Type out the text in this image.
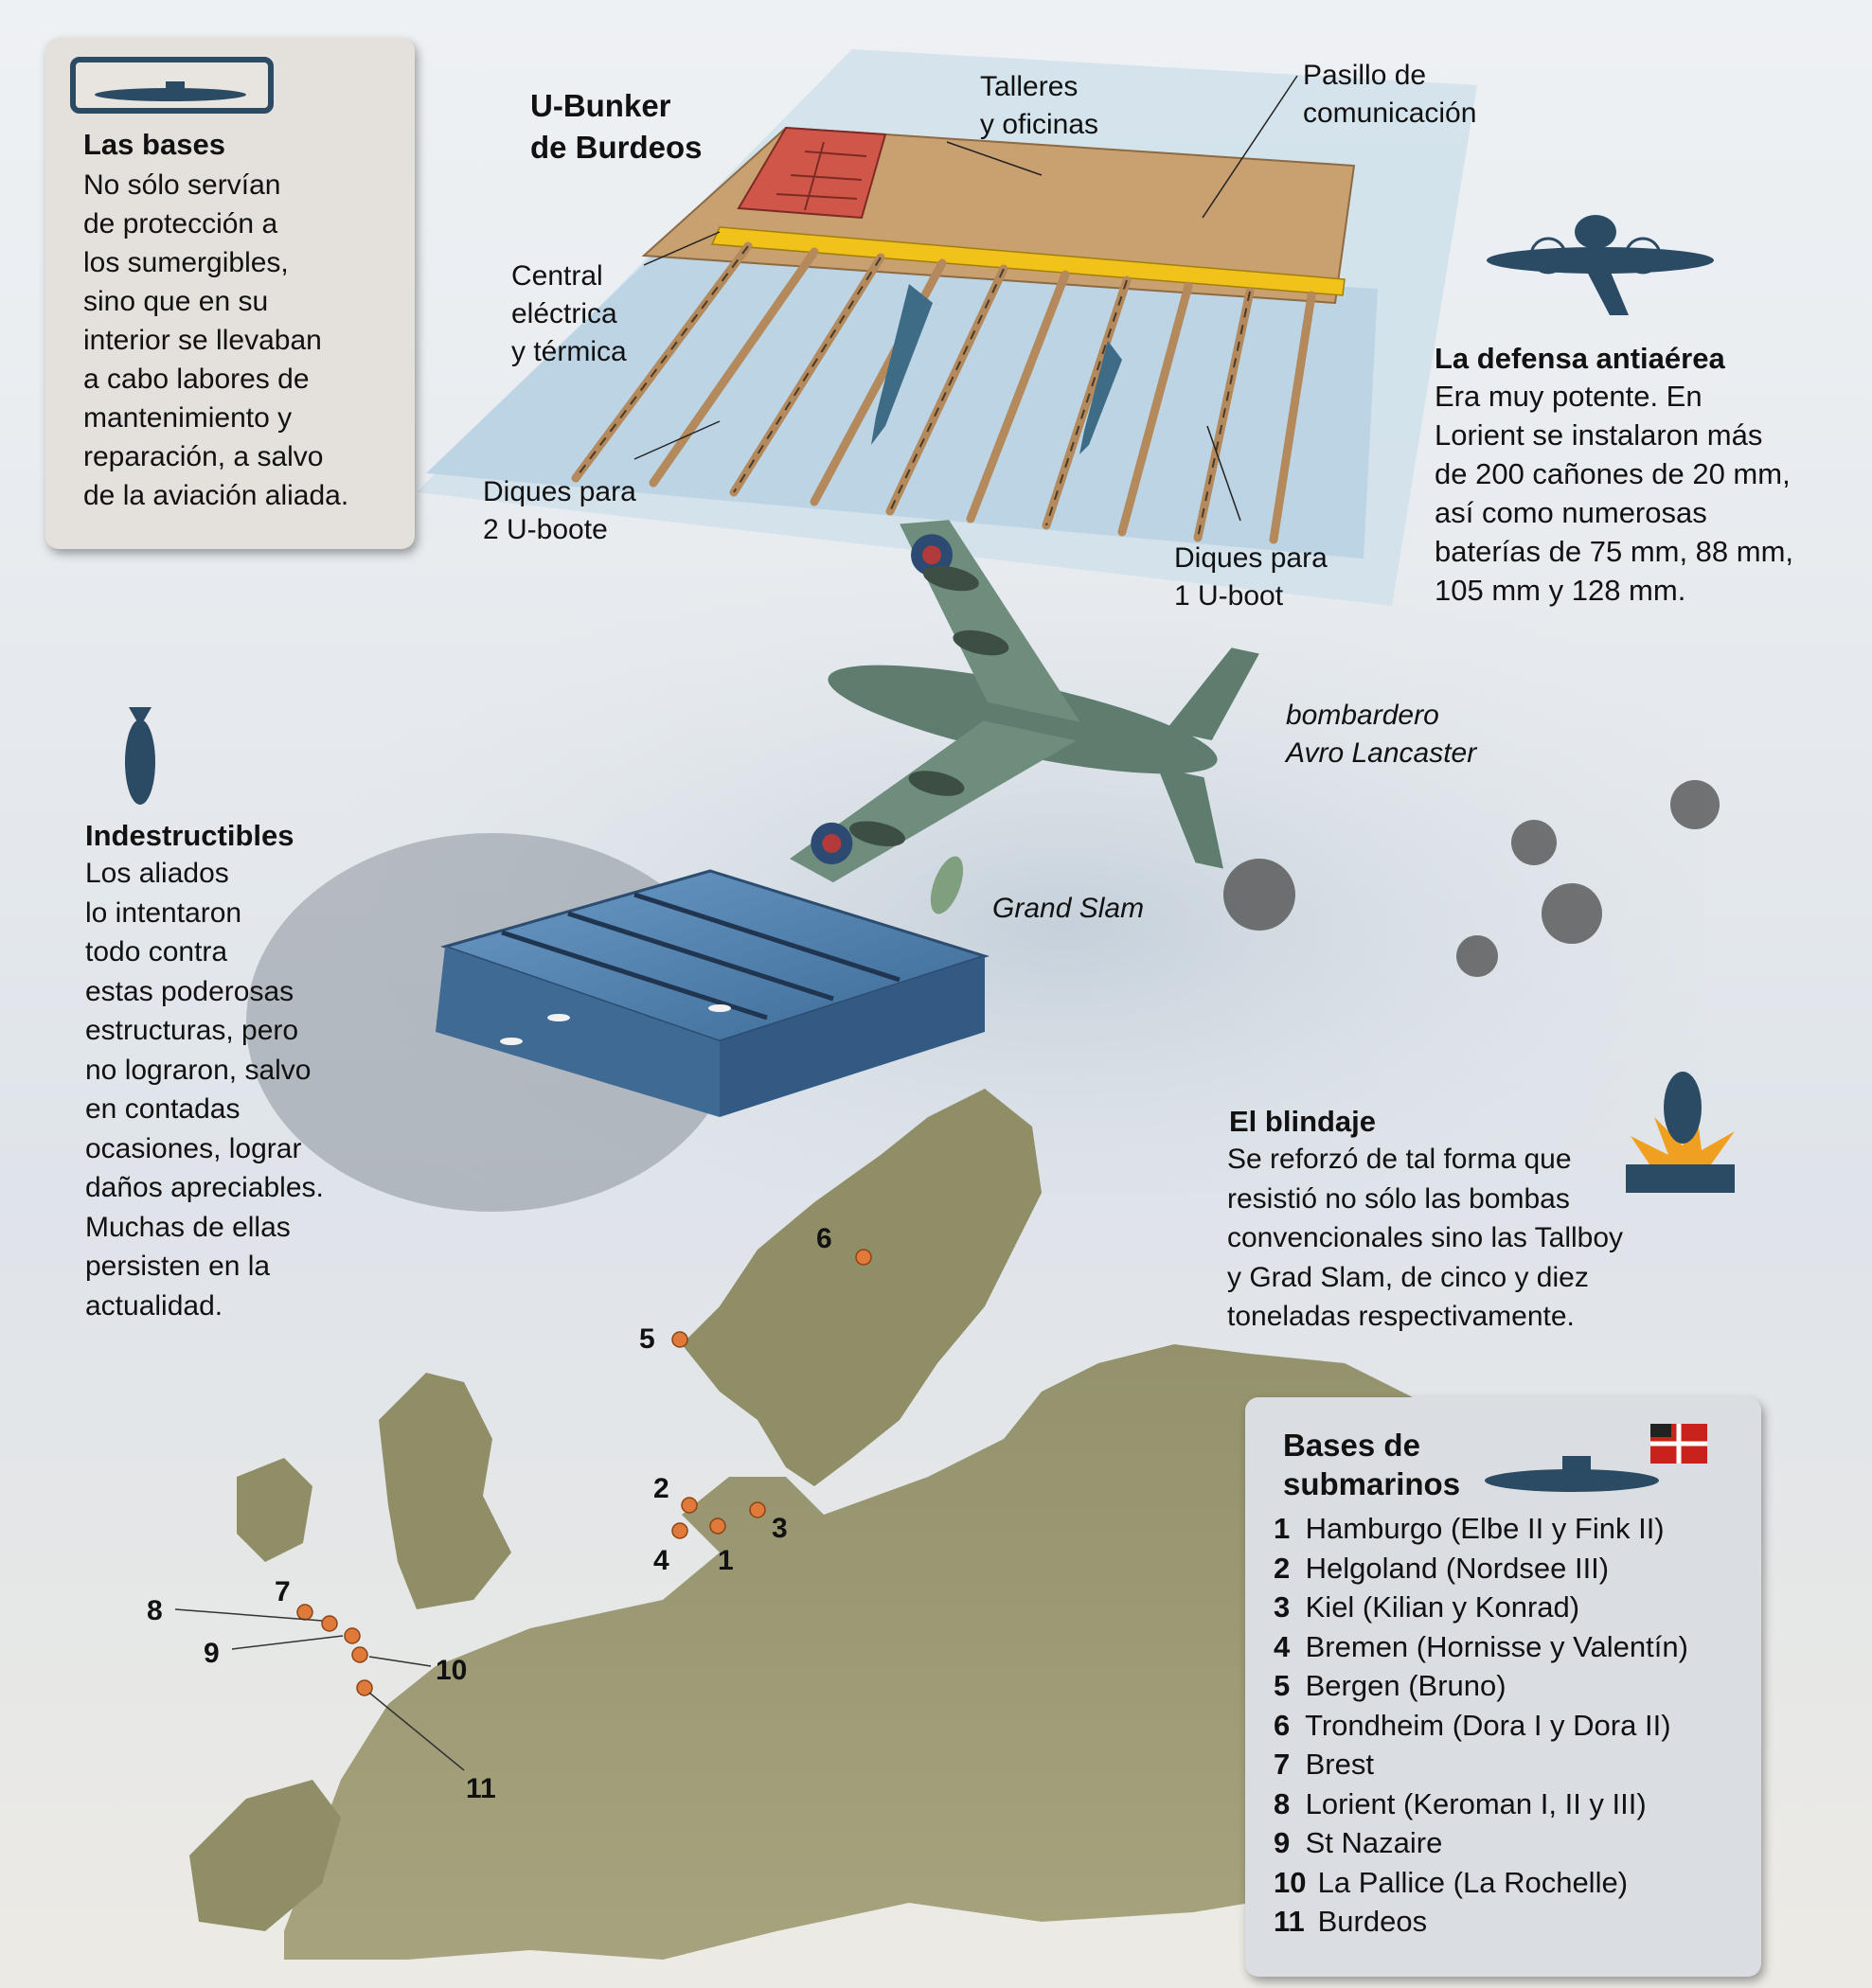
Las bases
No sólo servían
de protección a
los sumergibles,
sino que en su
interior se llevaban
a cabo labores de
mantenimiento y
reparación, a salvo
de la aviación aliada.
U-Bunker
de Burdeos
Talleres
y oficinas
Pasillo de
comunicación
Central
eléctrica
y térmica
Diques para
2 U-boote
Diques para
1 U-boot
La defensa antiaérea
Era muy potente. En
Lorient se instalaron más
de 200 cañones de 20 mm,
así como numerosas
baterías de 75 mm, 88 mm,
105 mm y 128 mm.
bombardero
Avro Lancaster
Grand Slam
Indestructibles
Los aliados
lo intentaron
todo contra
estas poderosas
estructuras, pero
no lograron, salvo
en contadas
ocasiones, lograr
daños apreciables.
Muchas de ellas
persisten en la
actualidad.
El blindaje
Se reforzó de tal forma que
resistió no sólo las bombas
convencionales sino las Tallboy
y Grad Slam, de cinco y diez
toneladas respectivamente.
1
2
3
4
5
6
7
8
9
10
11
Bases de
submarinos
1 Hamburgo (Elbe II y Fink II)
2 Helgoland (Nordsee III)
3 Kiel (Kilian y Konrad)
4 Bremen (Hornisse y Valentín)
5 Bergen (Bruno)
6 Trondheim (Dora I y Dora II)
7 Brest
8 Lorient (Keroman I, II y III)
9 St Nazaire
10 La Pallice (La Rochelle)
11 Burdeos
